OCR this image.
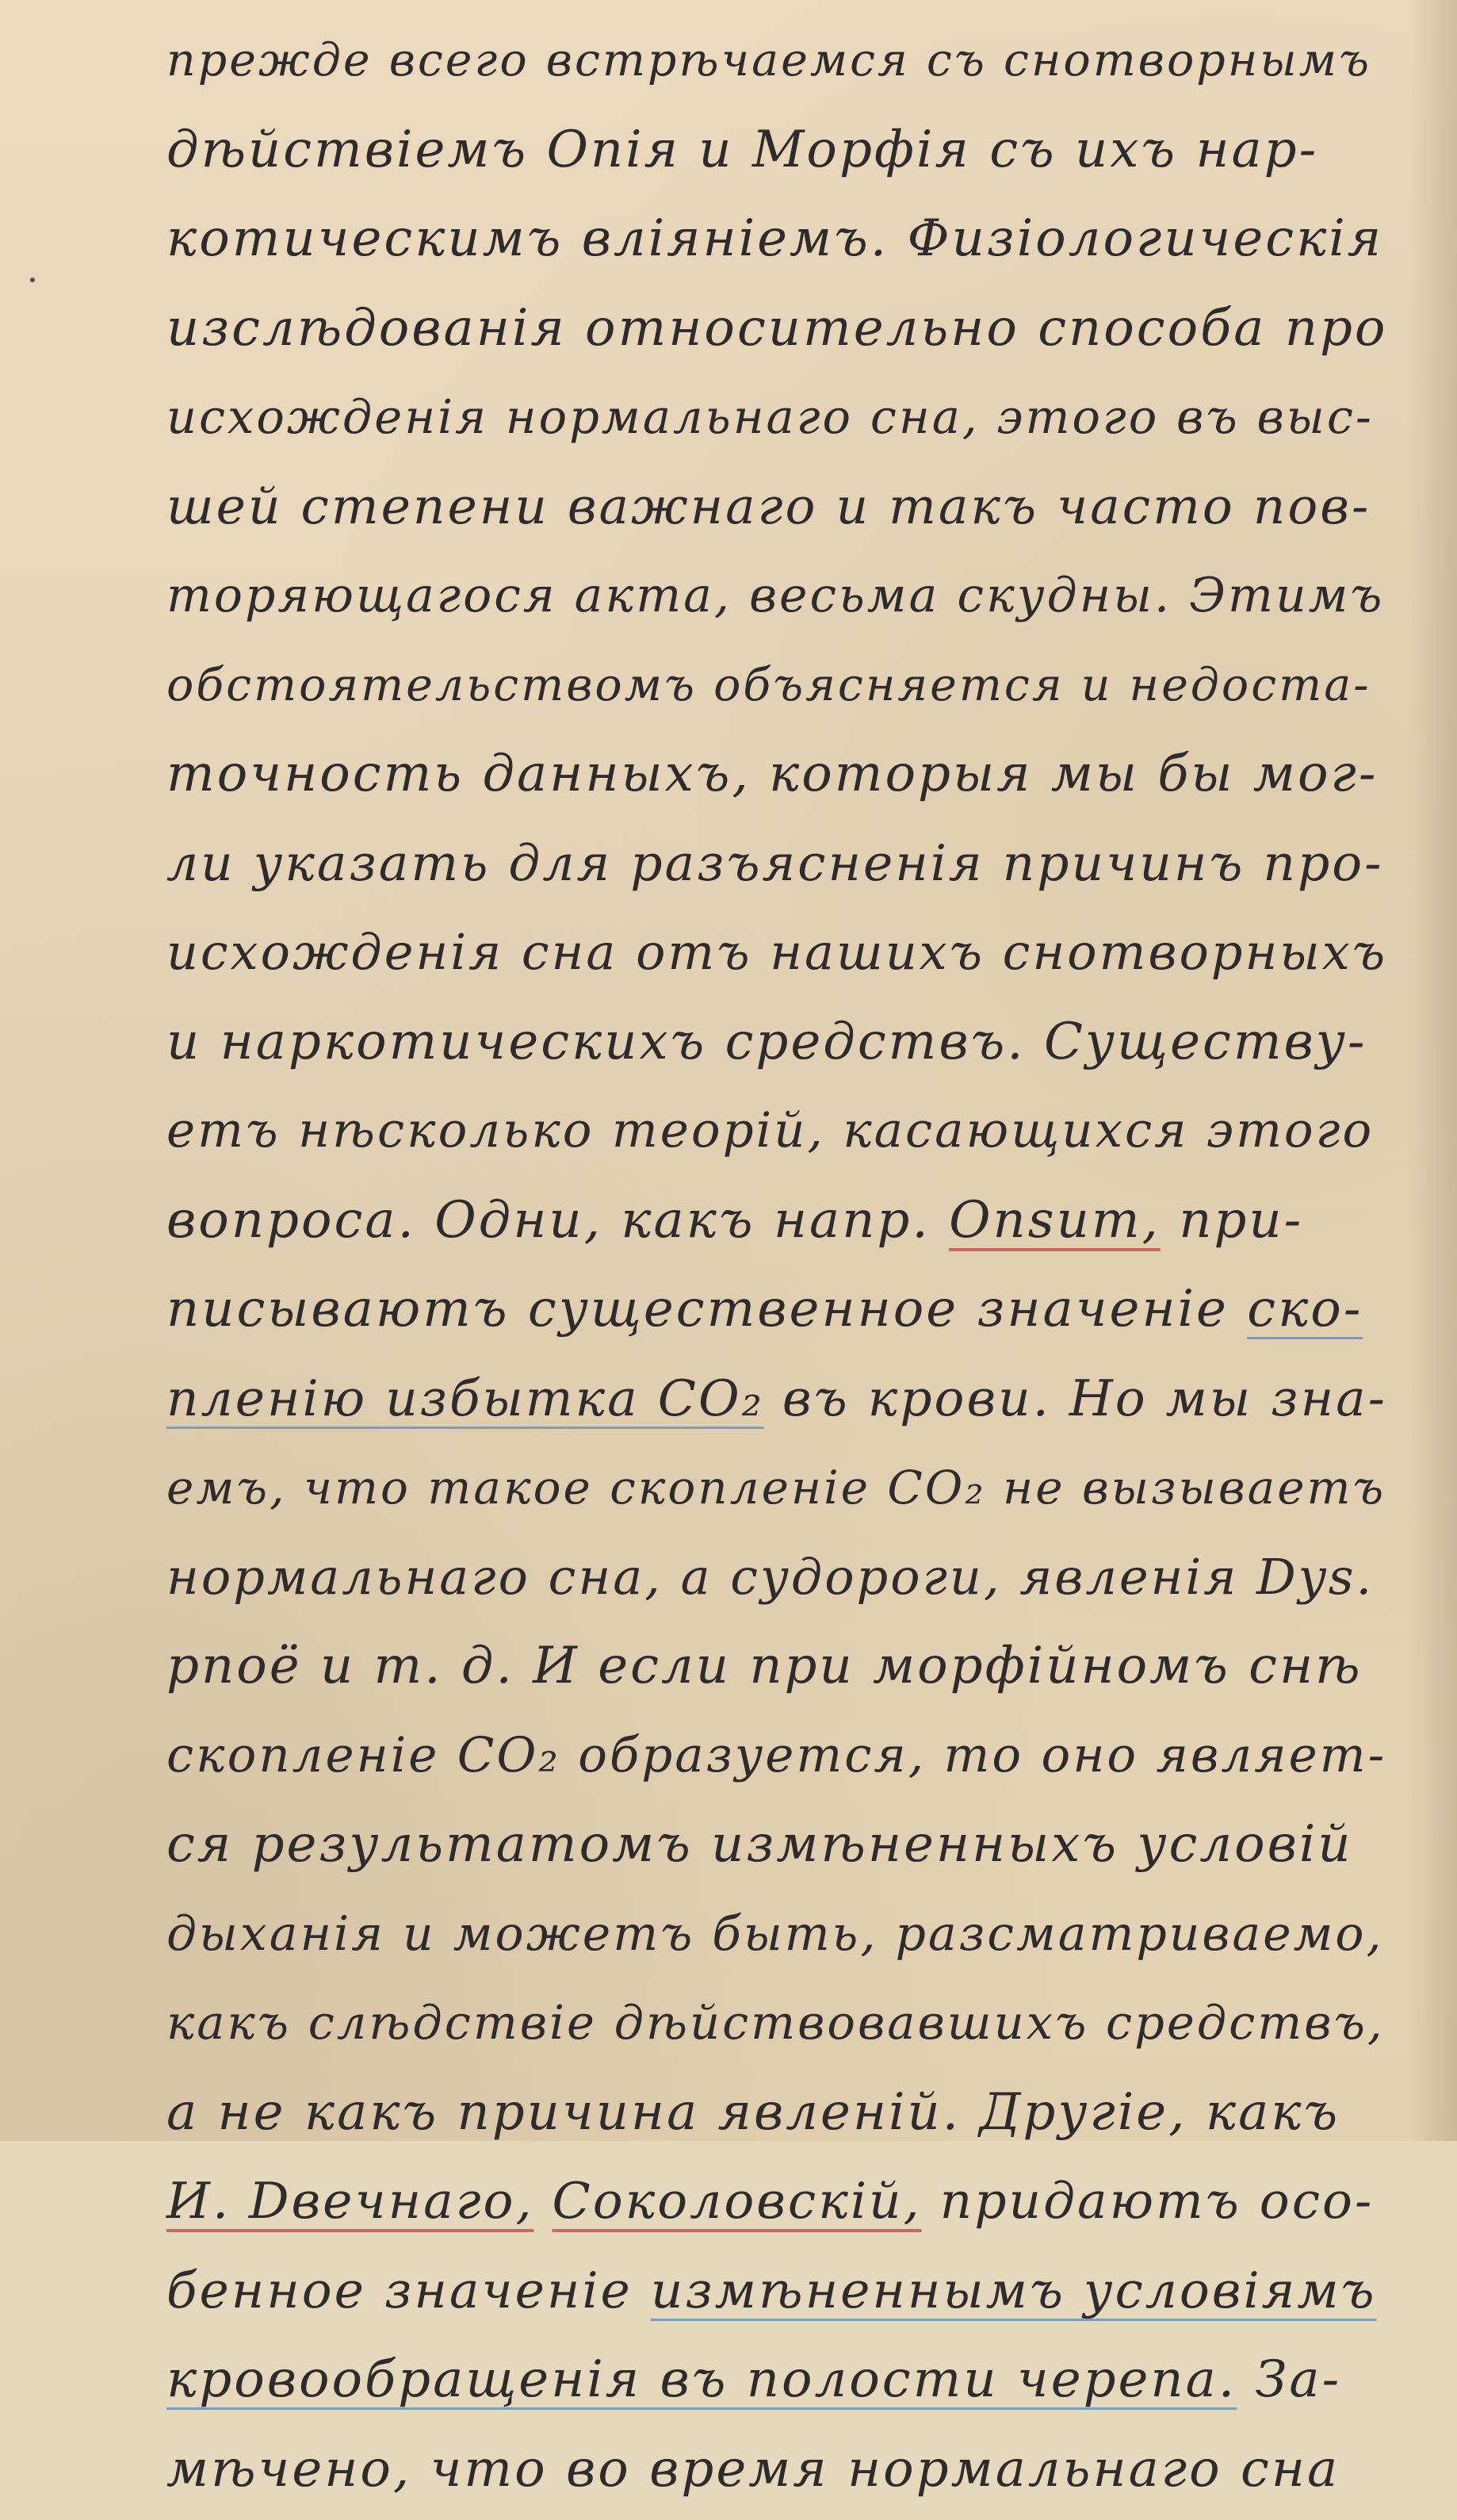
прежде всего встрѣчаемся съ снотворнымъ
дѣйствіемъ Опія и Морфія съ ихъ нар-
котическимъ вліяніемъ. Физіологическія
изслѣдованія относительно способа про
исхожденія нормальнаго сна, этого въ выс-
шей степени важнаго и такъ часто пов-
торяющагося акта, весьма скудны. Этимъ
обстоятельствомъ объясняется и недоста-
точность данныхъ, которыя мы бы мог-
ли указать для разъясненія причинъ про-
исхожденія сна отъ нашихъ снотворныхъ
и наркотическихъ средствъ. Существу-
етъ нѣсколько теорій, касающихся этого
вопроса. Одни, какъ напр. Onsum, при-
писываютъ существенное значеніе ско-
пленію избытка CO₂ въ крови. Но мы зна-
емъ, что такое скопленіе CO₂ не вызываетъ
нормальнаго сна, а судороги, явленія Dys.
pnoë и т. д. И если при морфійномъ снѣ
скопленіе CO₂ образуется, то оно являет-
ся результатомъ измѣненныхъ условій
дыханія и можетъ быть, разсматриваемо,
какъ слѣдствіе дѣйствовавшихъ средствъ,
а не какъ причина явленій. Другіе, какъ
И. Dвечнаго, Соколовскій, придаютъ осо-
бенное значеніе измѣненнымъ условіямъ
кровообращенія въ полости черепа. За-
мѣчено, что во время нормальнаго сна
